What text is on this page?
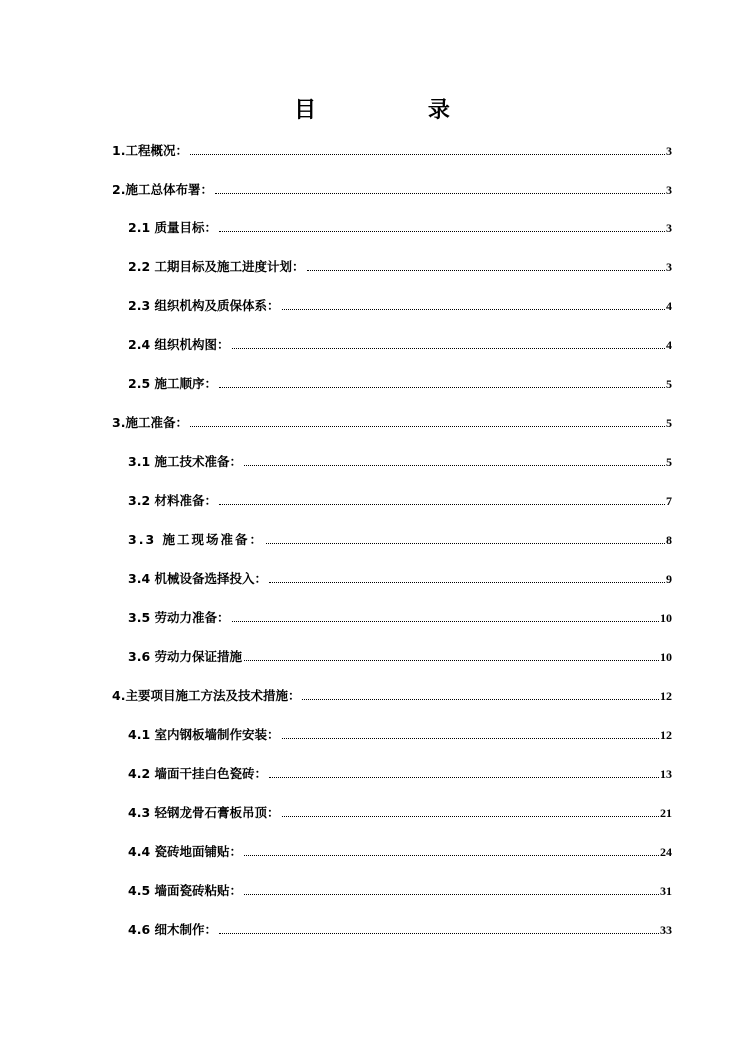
目 录
1.工程概况：	3
2.施工总体布署：	3
2.1 质量目标：	3
2.2 工期目标及施工进度计划：	3
2.3 组织机构及质保体系：	4
2.4 组织机构图：	4
2.5 施工顺序：	5
3.施工准备：	5
3.1 施工技术准备：	5
3.2 材料准备：	7
3.3 施工现场准备：	8
3.4 机械设备选择投入：	9
3.5 劳动力准备：	10
3.6 劳动力保证措施	10
4.主要项目施工方法及技术措施：	12
4.1 室内钢板墙制作安装：	12
4.2 墙面干挂白色瓷砖：	13
4.3 轻钢龙骨石膏板吊顶：	21
4.4 瓷砖地面铺贴：	24
4.5 墙面瓷砖粘贴：	31
4.6 细木制作：	33
